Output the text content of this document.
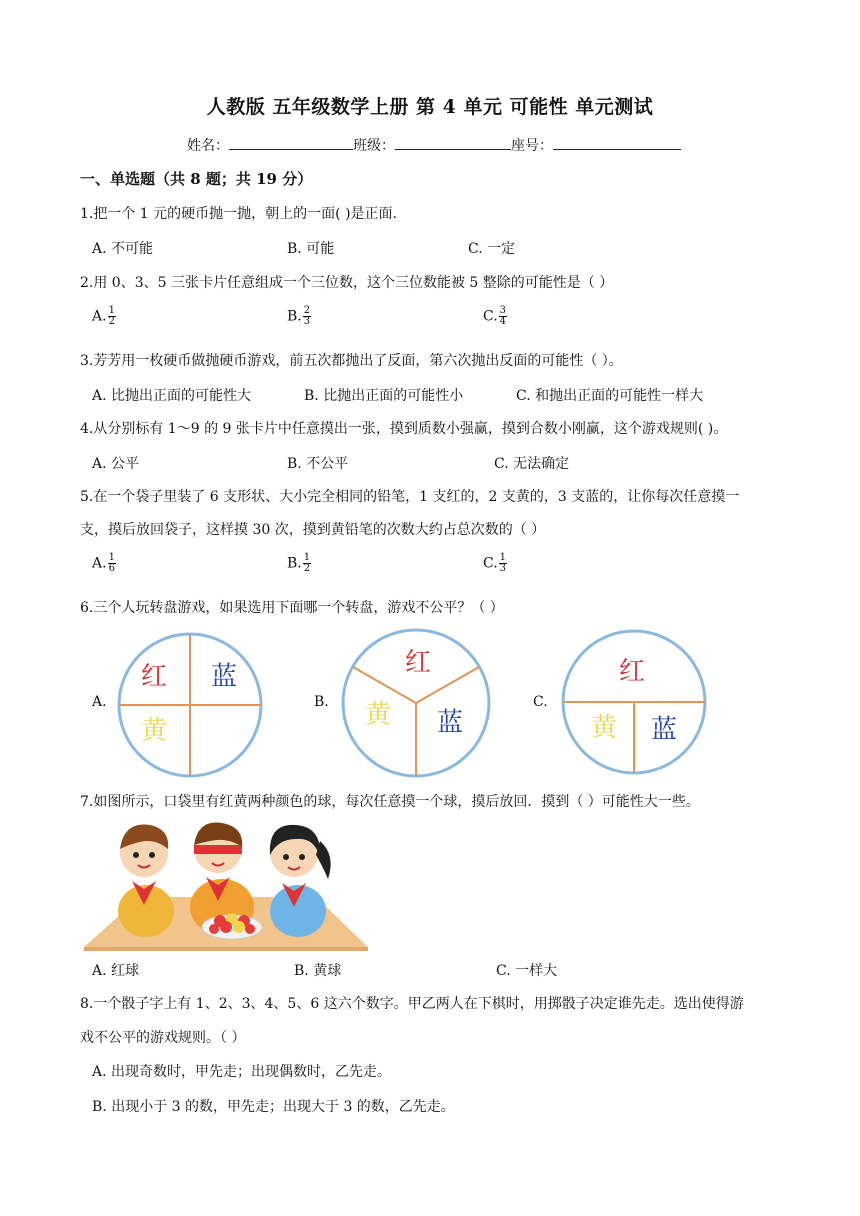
人教版 五年级数学上册 第 4 单元 可能性 单元测试
姓名：	班级：	座号：
一、单选题（共 8 题；共 19 分）
1.把一个 1 元的硬币抛一抛，朝上的一面( )是正面.
A. 不可能	B. 可能	C. 一定
2.用 0、3、5 三张卡片任意组成一个三位数，这个三位数能被 5 整除的可能性是（ ）
A. $\frac{1}{2}$	B. $\frac{2}{3}$	C. $\frac{3}{4}$
3.芳芳用一枚硬币做抛硬币游戏，前五次都抛出了反面，第六次抛出反面的可能性（ ）。
A. 比抛出正面的可能性大	B. 比抛出正面的可能性小	C. 和抛出正面的可能性一样大
4.从分别标有 1～9 的 9 张卡片中任意摸出一张，摸到质数小强赢，摸到合数小刚赢，这个游戏规则( )。
A. 公平	B. 不公平	C. 无法确定
5.在一个袋子里装了 6 支形状、大小完全相同的铅笔，1 支红的，2 支黄的，3 支蓝的，让你每次任意摸一
支，摸后放回袋子，这样摸 30 次，摸到黄铅笔的次数大约占总次数的（ ）
A. $\frac{1}{6}$	B. $\frac{1}{2}$	C. $\frac{1}{3}$
6.三个人玩转盘游戏，如果选用下面哪一个转盘，游戏不公平？（ ）
A.	B.	C.
红 蓝
黄
红
黄 蓝
红
黄 蓝
7.如图所示，口袋里有红黄两种颜色的球，每次任意摸一个球，摸后放回．摸到（ ）可能性大一些。
A. 红球	B. 黄球	C. 一样大
8.一个骰子字上有 1、2、3、4、5、6 这六个数字。甲乙两人在下棋时，用掷骰子决定谁先走。选出使得游
戏不公平的游戏规则。（ ）
A. 出现奇数时，甲先走；出现偶数时，乙先走。
B. 出现小于 3 的数，甲先走；出现大于 3 的数，乙先走。
